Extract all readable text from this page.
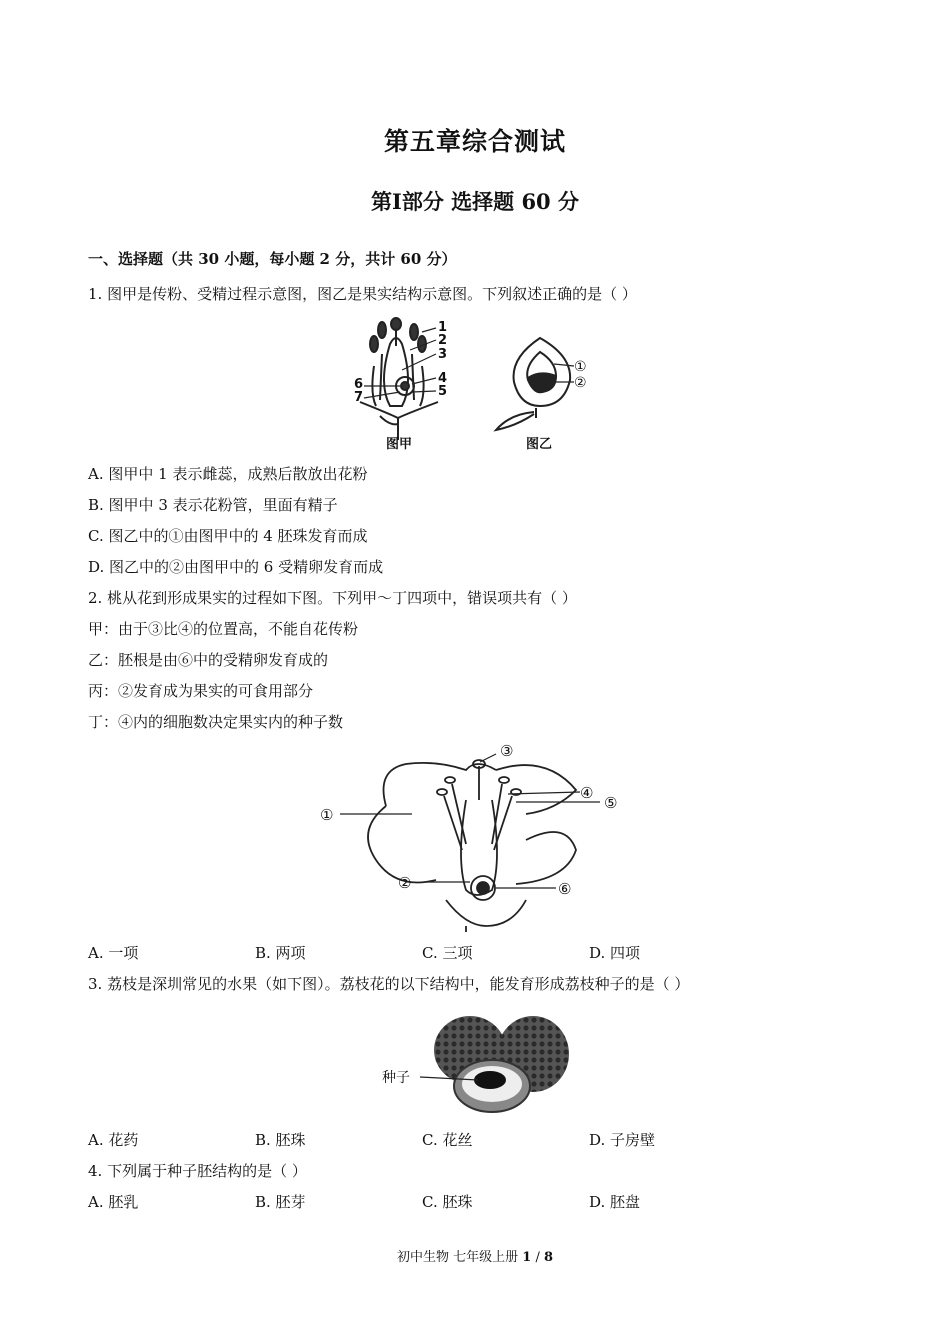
第五章综合测试
第Ⅰ部分 选择题 60 分
一、选择题（共 30 小题，每小题 2 分，共计 60 分）
1. 图甲是传粉、受精过程示意图，图乙是果实结构示意图。下列叙述正确的是（ ）
1
2
3
4
5
6
7
图甲	图乙
①
②
A. 图甲中 1 表示雌蕊，成熟后散放出花粉
B. 图甲中 3 表示花粉管，里面有精子
C. 图乙中的①由图甲中的 4 胚珠发育而成
D. 图乙中的②由图甲中的 6 受精卵发育而成
2. 桃从花到形成果实的过程如下图。下列甲～丁四项中，错误项共有（ ）
甲：由于③比④的位置高，不能自花传粉
乙：胚根是由⑥中的受精卵发育成的
丙：②发育成为果实的可食用部分
丁：④内的细胞数决定果实内的种子数
①
②
③
④
⑤
⑥
A. 一项	B. 两项	C. 三项	D. 四项
3. 荔枝是深圳常见的水果（如下图）。荔枝花的以下结构中，能发育形成荔枝种子的是（ ）
种子
A. 花药	B. 胚珠	C. 花丝	D. 子房壁
4. 下列属于种子胚结构的是（ ）
A. 胚乳	B. 胚芽	C. 胚珠	D. 胚盘
初中生物 七年级上册 1 / 8
